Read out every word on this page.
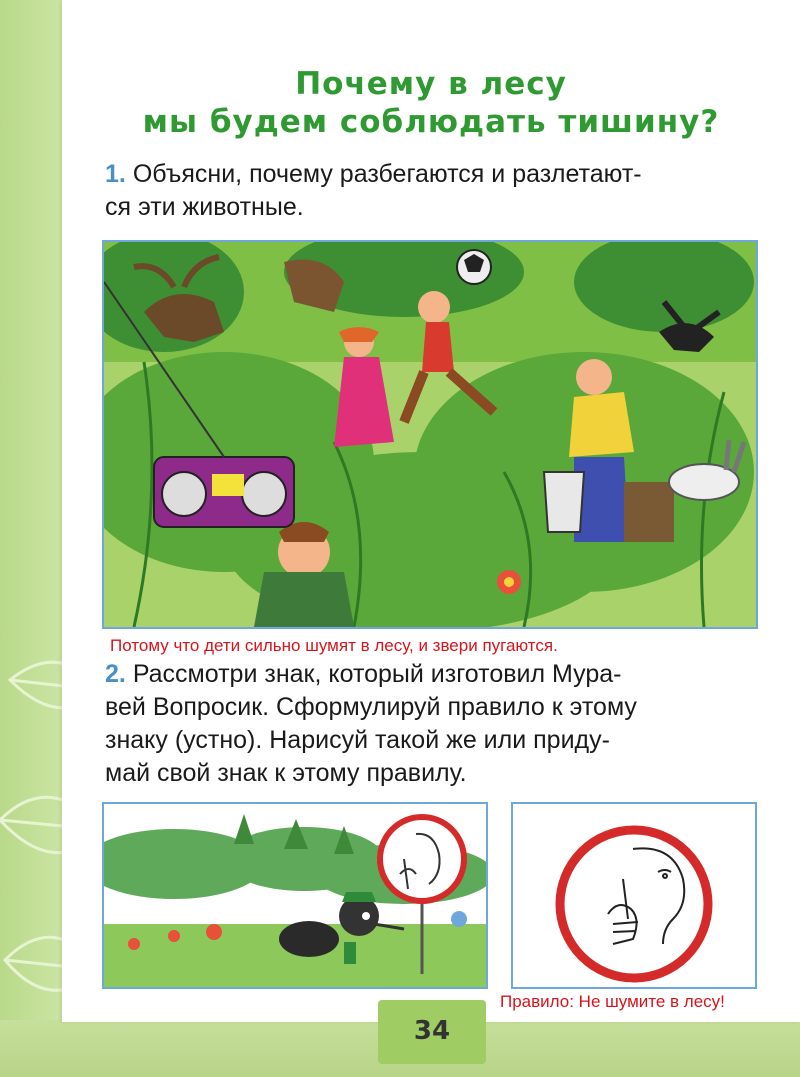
Почему в лесу
мы будем соблюдать тишину?
1. Объясни, почему разбегаются и разлетают-
ся эти животные.
Потому что дети сильно шумят в лесу, и звери пугаются.
2. Рассмотри знак, который изготовил Мура-
вей Вопросик. Сформулируй правило к этому
знаку (устно). Нарисуй такой же или приду-
май свой знак к этому правилу.
Правило: Не шумите в лесу!
34
